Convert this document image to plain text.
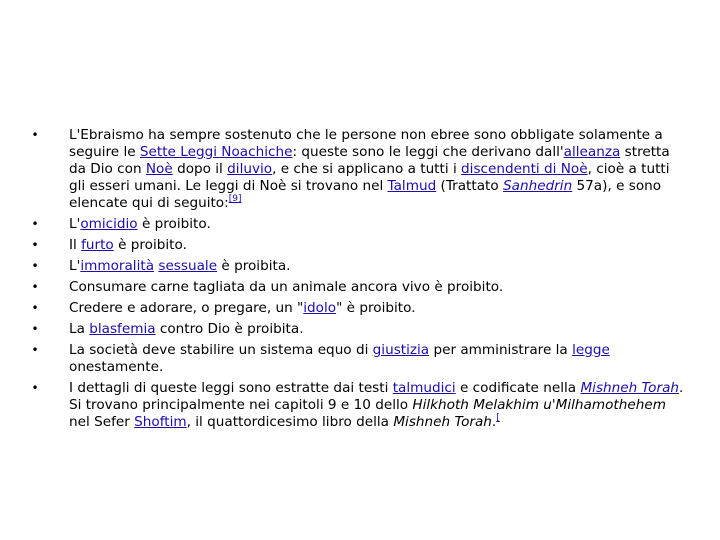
• L'Ebraismo ha sempre sostenuto che le persone non ebree sono obbligate solamente a seguire le Sette Leggi Noachiche: queste sono le leggi che derivano dall'alleanza stretta da Dio con Noè dopo il diluvio, e che si applicano a tutti i discendenti di Noè, cioè a tutti gli esseri umani. Le leggi di Noè si trovano nel Talmud (Trattato Sanhedrin 57a), e sono elencate qui di seguito:[9]
• L'omicidio è proibito.
• Il furto è proibito.
• L'immoralità sessuale è proibita.
• Consumare carne tagliata da un animale ancora vivo è proibito.
• Credere e adorare, o pregare, un "idolo" è proibito.
• La blasfemia contro Dio è proibita.
• La società deve stabilire un sistema equo di giustizia per amministrare la legge onestamente.
• I dettagli di queste leggi sono estratte dai testi talmudici e codificate nella Mishneh Torah. Si trovano principalmente nei capitoli 9 e 10 dello Hilkhoth Melakhim u'Milhamothehem nel Sefer Shoftim, il quattordicesimo libro della Mishneh Torah.[
